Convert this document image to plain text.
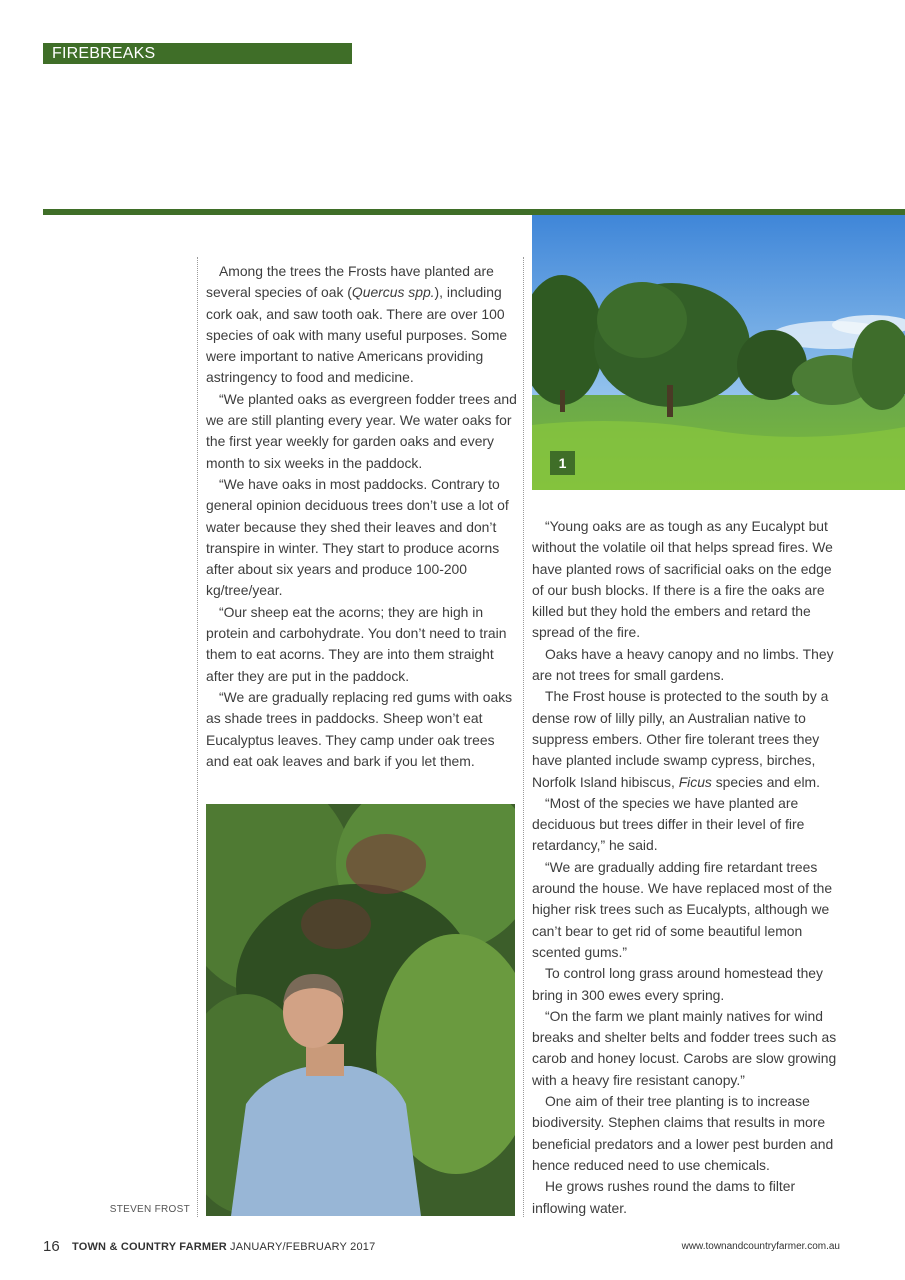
FIREBREAKS
1
STEVEN FROST

Among the trees the Frosts have planted are several species of oak (Quercus spp.), including cork oak, and saw tooth oak. There are over 100 species of oak with many useful purposes. Some were important to native Americans providing astringency to food and medicine.

“We planted oaks as evergreen fodder trees and we are still planting every year. We water oaks for the first year weekly for garden oaks and every month to six weeks in the paddock.

“We have oaks in most paddocks. Contrary to general opinion deciduous trees don’t use a lot of water because they shed their leaves and don’t transpire in winter. They start to produce acorns after about six years and produce 100-200 kg/tree/year.

“Our sheep eat the acorns; they are high in protein and carbohydrate. You don’t need to train them to eat acorns. They are into them straight after they are put in the paddock.

“We are gradually replacing red gums with oaks as shade trees in paddocks. Sheep won’t eat Eucalyptus leaves. They camp under oak trees and eat oak leaves and bark if you let them.

“Young oaks are as tough as any Eucalypt but without the volatile oil that helps spread fires. We have planted rows of sacrificial oaks on the edge of our bush blocks. If there is a fire the oaks are killed but they hold the embers and retard the spread of the fire.

Oaks have a heavy canopy and no limbs. They are not trees for small gardens.

The Frost house is protected to the south by a dense row of lilly pilly, an Australian native to suppress embers. Other fire tolerant trees they have planted include swamp cypress, birches, Norfolk Island hibiscus, Ficus species and elm.

“Most of the species we have planted are deciduous but trees differ in their level of fire retardancy,” he said.

“We are gradually adding fire retardant trees around the house. We have replaced most of the higher risk trees such as Eucalypts, although we can’t bear to get rid of some beautiful lemon scented gums.”

To control long grass around homestead they bring in 300 ewes every spring.

“On the farm we plant mainly natives for wind breaks and shelter belts and fodder trees such as carob and honey locust. Carobs are slow growing with a heavy fire resistant canopy.”

One aim of their tree planting is to increase biodiversity. Stephen claims that results in more beneficial predators and a lower pest burden and hence reduced need to use chemicals.

He grows rushes round the dams to filter inflowing water.

16 TOWN & COUNTRY FARMER JANUARY/FEBRUARY 2017	www.townandcountryfarmer.com.au
